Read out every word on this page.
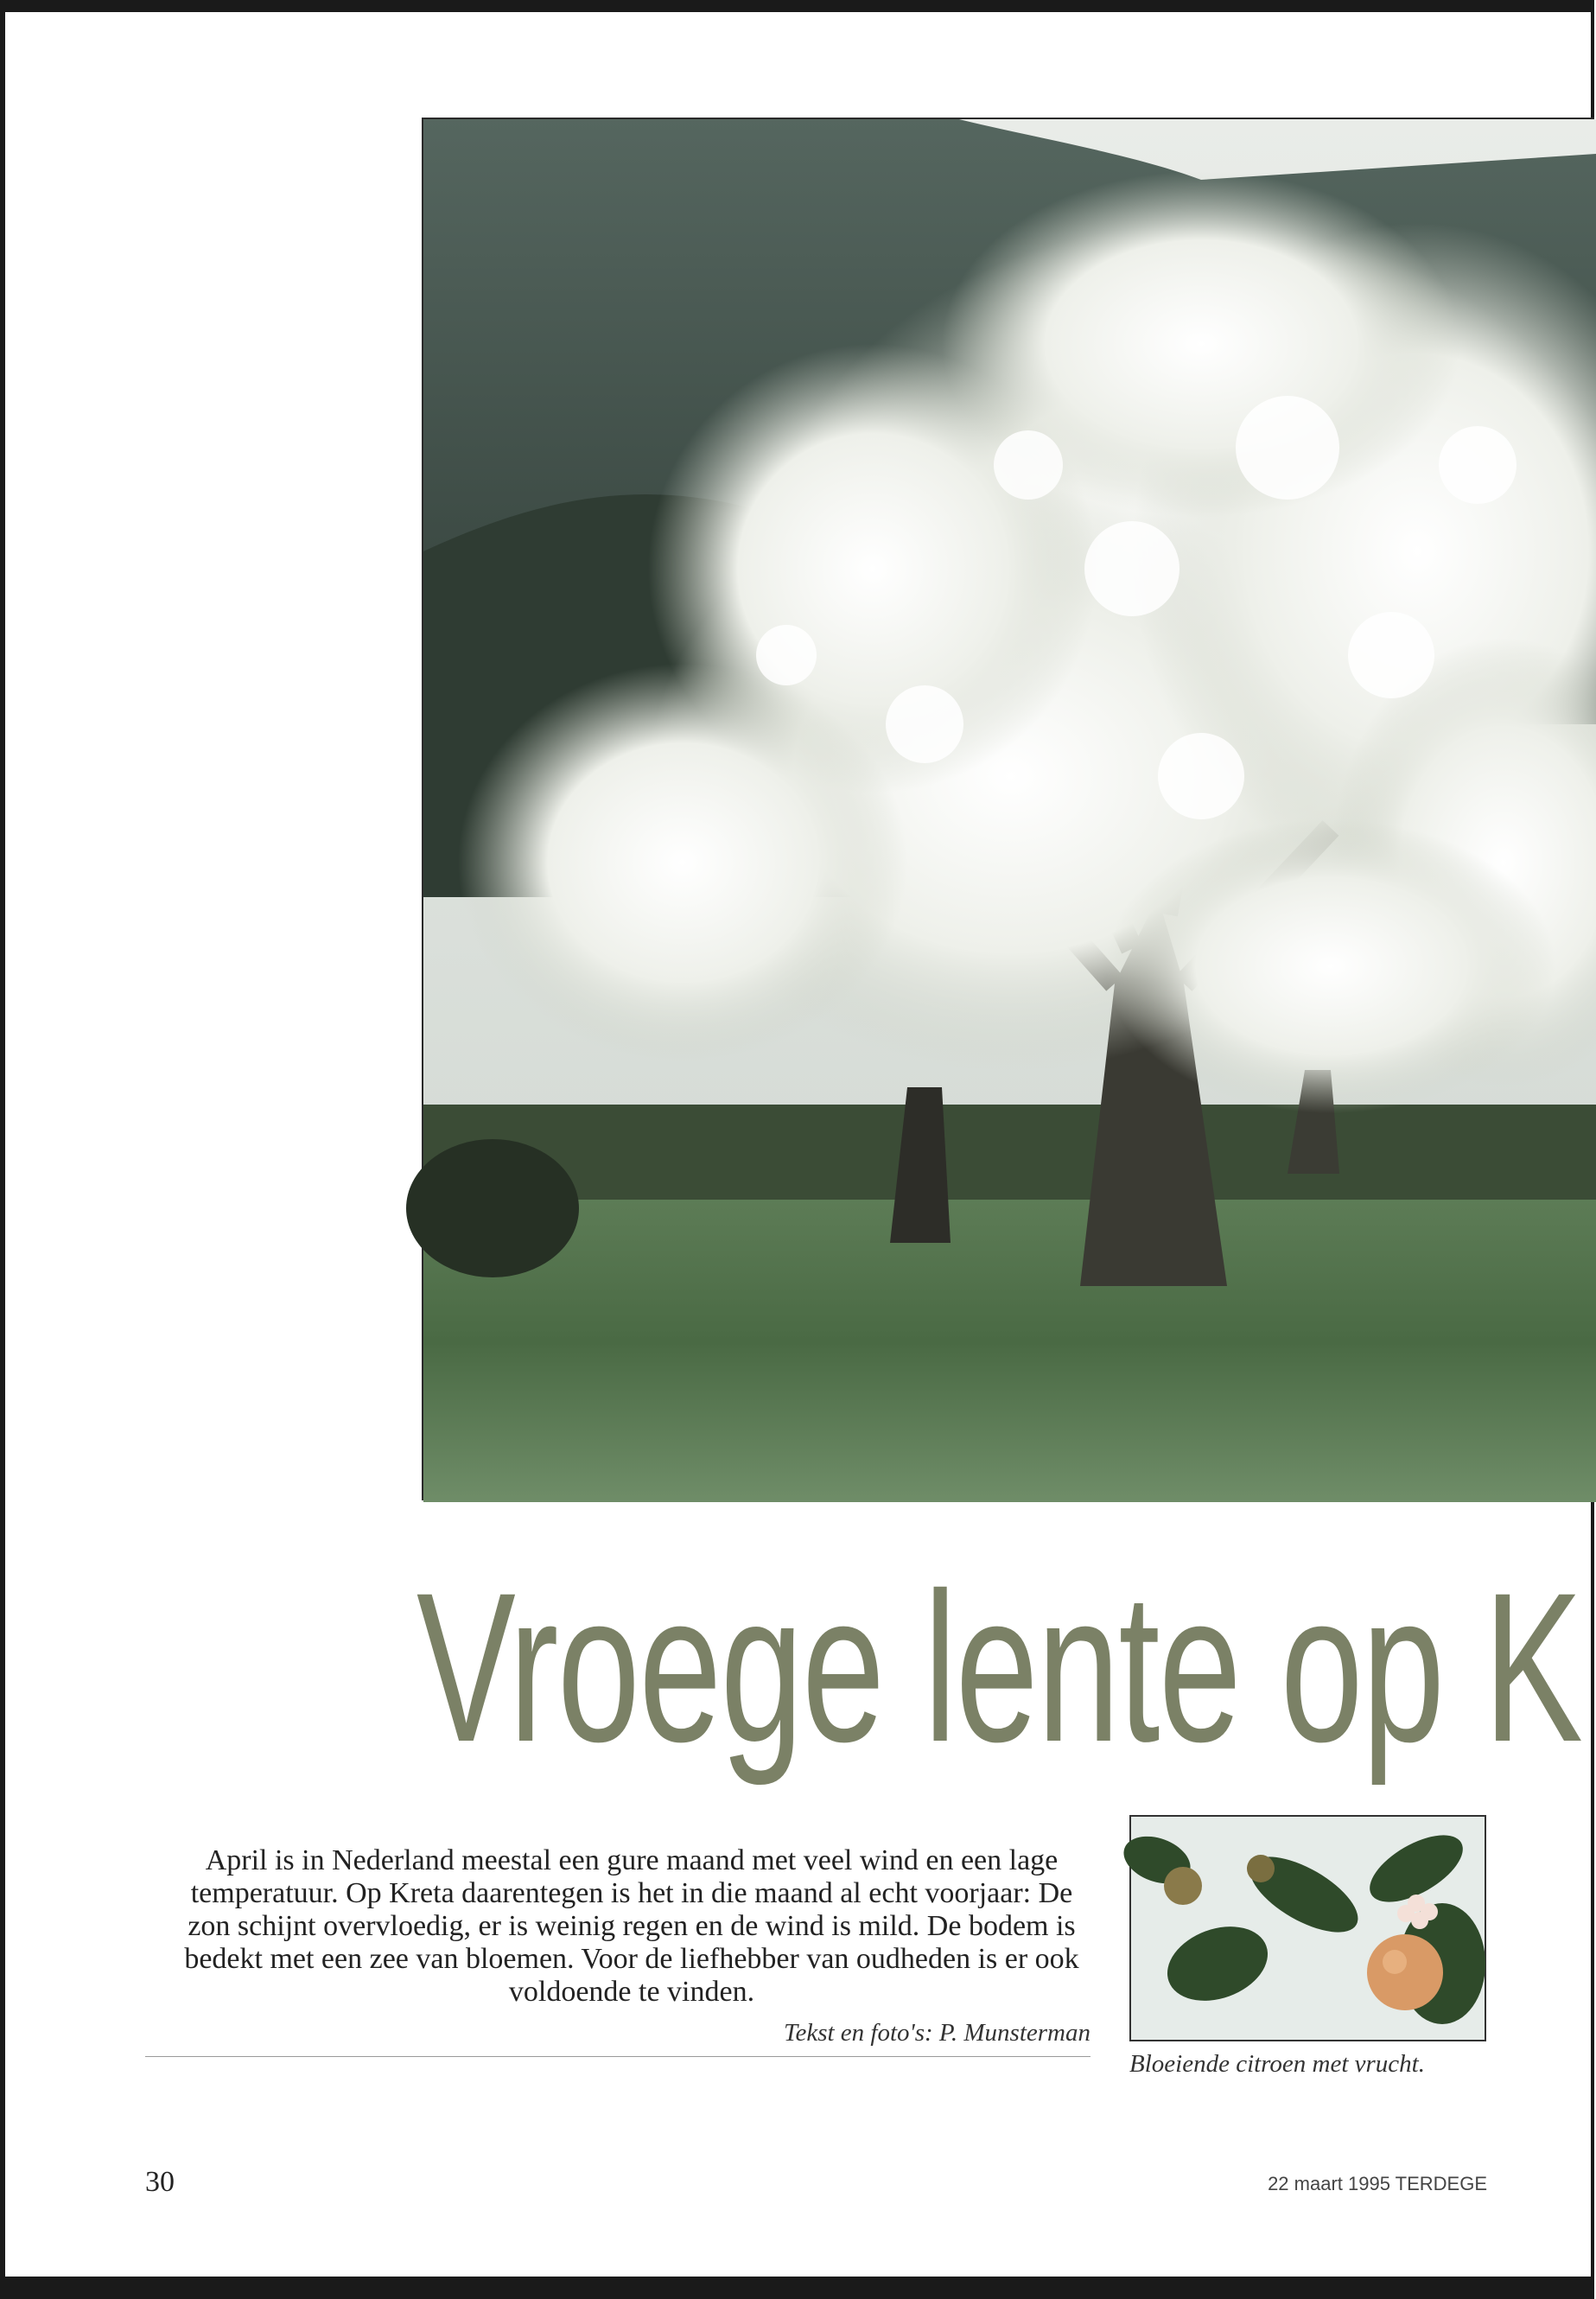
Vroege lente op K

April is in Nederland meestal een gure maand met veel wind en een lage temperatuur. Op Kreta daarentegen is het in die maand al echt voorjaar: De zon schijnt overvloedig, er is weinig regen en de wind is mild. De bodem is bedekt met een zee van bloemen. Voor de liefhebber van oudheden is er ook voldoende te vinden.

Tekst en foto's: P. Munsterman
Bloeiende citroen met vrucht.
30	22 maart 1995 TERDEGE
